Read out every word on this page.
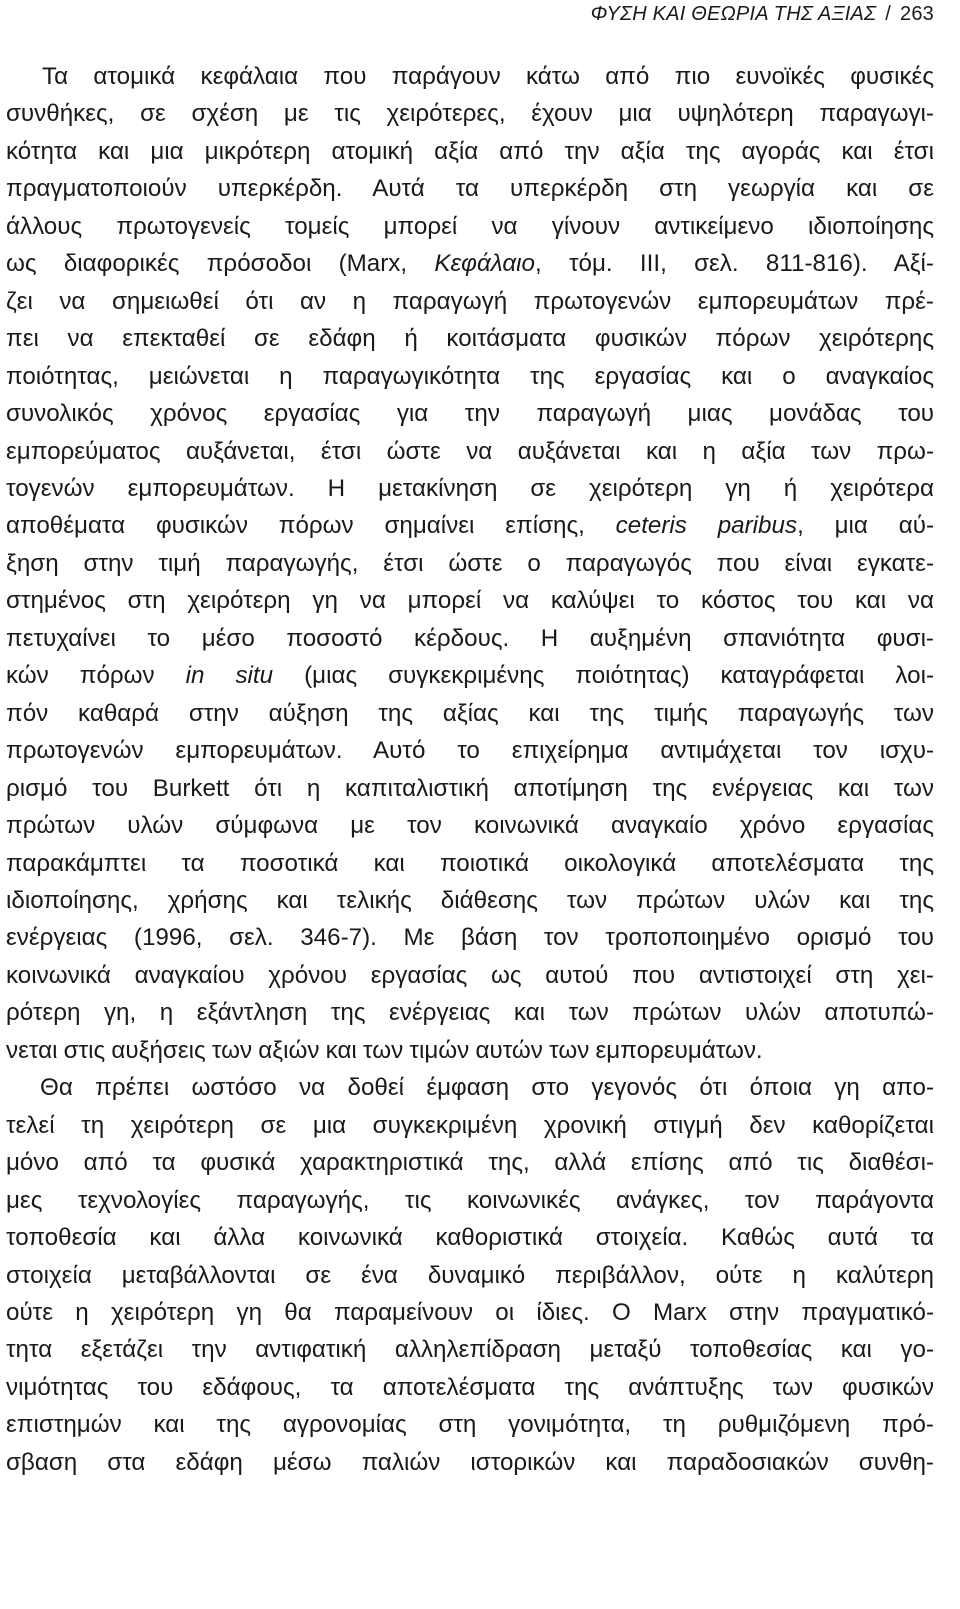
ΦΥΣΗ ΚΑΙ ΘΕΩΡΙΑ ΤΗΣ ΑΞΙΑΣ / 263
Τα ατομικά κεφάλαια που παράγουν κάτω από πιο ευνοϊκές φυσικές
συνθήκες, σε σχέση με τις χειρότερες, έχουν μια υψηλότερη παραγωγι-
κότητα και μια μικρότερη ατομική αξία από την αξία της αγοράς και έτσι
πραγματοποιούν υπερκέρδη. Αυτά τα υπερκέρδη στη γεωργία και σε
άλλους πρωτογενείς τομείς μπορεί να γίνουν αντικείμενο ιδιοποίησης
ως διαφορικές πρόσοδοι (Marx, Κεφάλαιο, τόμ. III, σελ. 811-816). Αξί-
ζει να σημειωθεί ότι αν η παραγωγή πρωτογενών εμπορευμάτων πρέ-
πει να επεκταθεί σε εδάφη ή κοιτάσματα φυσικών πόρων χειρότερης
ποιότητας, μειώνεται η παραγωγικότητα της εργασίας και ο αναγκαίος
συνολικός χρόνος εργασίας για την παραγωγή μιας μονάδας του
εμπορεύματος αυξάνεται, έτσι ώστε να αυξάνεται και η αξία των πρω-
τογενών εμπορευμάτων. Η μετακίνηση σε χειρότερη γη ή χειρότερα
αποθέματα φυσικών πόρων σημαίνει επίσης, ceteris paribus, μια αύ-
ξηση στην τιμή παραγωγής, έτσι ώστε ο παραγωγός που είναι εγκατε-
στημένος στη χειρότερη γη να μπορεί να καλύψει το κόστος του και να
πετυχαίνει το μέσο ποσοστό κέρδους. Η αυξημένη σπανιότητα φυσι-
κών πόρων in situ (μιας συγκεκριμένης ποιότητας) καταγράφεται λοι-
πόν καθαρά στην αύξηση της αξίας και της τιμής παραγωγής των
πρωτογενών εμπορευμάτων. Αυτό το επιχείρημα αντιμάχεται τον ισχυ-
ρισμό του Burkett ότι η καπιταλιστική αποτίμηση της ενέργειας και των
πρώτων υλών σύμφωνα με τον κοινωνικά αναγκαίο χρόνο εργασίας
παρακάμπτει τα ποσοτικά και ποιοτικά οικολογικά αποτελέσματα της
ιδιοποίησης, χρήσης και τελικής διάθεσης των πρώτων υλών και της
ενέργειας (1996, σελ. 346-7). Με βάση τον τροποποιημένο ορισμό του
κοινωνικά αναγκαίου χρόνου εργασίας ως αυτού που αντιστοιχεί στη χει-
ρότερη γη, η εξάντληση της ενέργειας και των πρώτων υλών αποτυπώ-
νεται στις αυξήσεις των αξιών και των τιμών αυτών των εμπορευμάτων.
Θα πρέπει ωστόσο να δοθεί έμφαση στο γεγονός ότι όποια γη απο-
τελεί τη χειρότερη σε μια συγκεκριμένη χρονική στιγμή δεν καθορίζεται
μόνο από τα φυσικά χαρακτηριστικά της, αλλά επίσης από τις διαθέσι-
μες τεχνολογίες παραγωγής, τις κοινωνικές ανάγκες, τον παράγοντα
τοποθεσία και άλλα κοινωνικά καθοριστικά στοιχεία. Καθώς αυτά τα
στοιχεία μεταβάλλονται σε ένα δυναμικό περιβάλλον, ούτε η καλύτερη
ούτε η χειρότερη γη θα παραμείνουν οι ίδιες. Ο Marx στην πραγματικό-
τητα εξετάζει την αντιφατική αλληλεπίδραση μεταξύ τοποθεσίας και γο-
νιμότητας του εδάφους, τα αποτελέσματα της ανάπτυξης των φυσικών
επιστημών και της αγρονομίας στη γονιμότητα, τη ρυθμιζόμενη πρό-
σβαση στα εδάφη μέσω παλιών ιστορικών και παραδοσιακών συνθη-
